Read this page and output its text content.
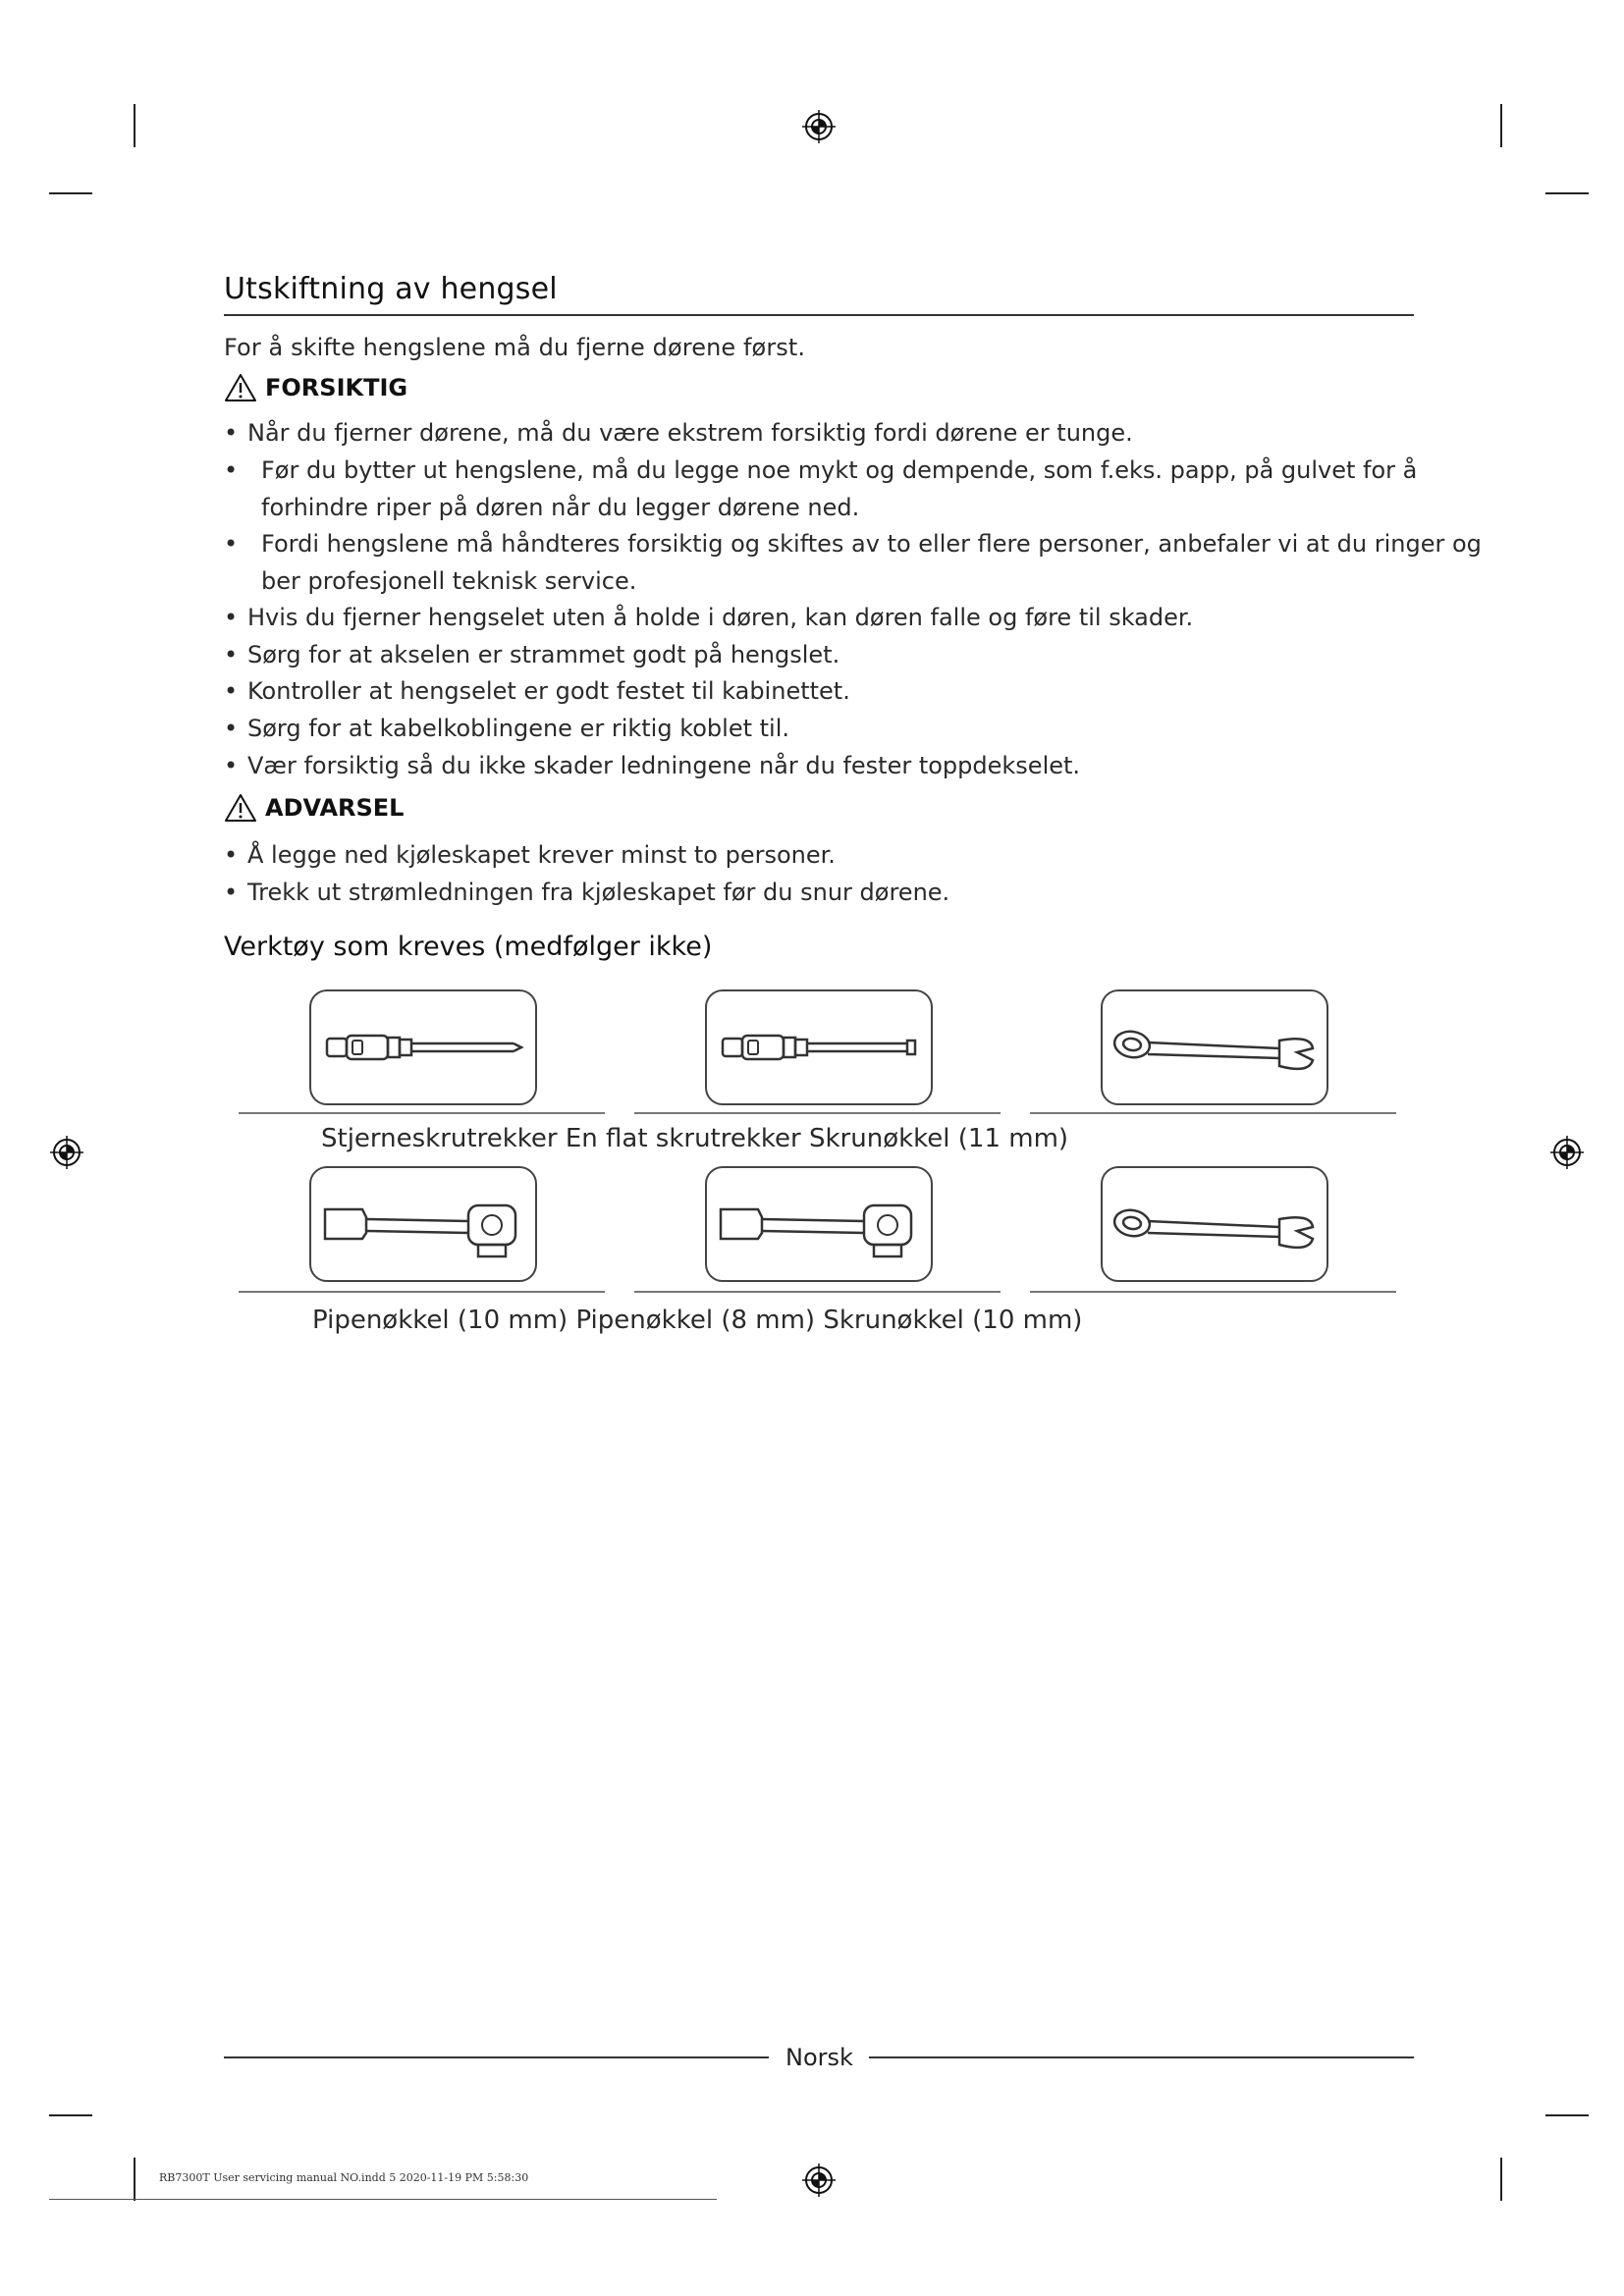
Utskiftning av hengsel
For å skifte hengslene må du fjerne dørene først.
FORSIKTIG
• Når du fjerner dørene, må du være ekstrem forsiktig fordi dørene er tunge.
• Før du bytter ut hengslene, må du legge noe mykt og dempende, som f.eks. papp, på gulvet for å
forhindre riper på døren når du legger dørene ned.
• Fordi hengslene må håndteres forsiktig og skiftes av to eller flere personer, anbefaler vi at du ringer og
ber profesjonell teknisk service.
• Hvis du fjerner hengselet uten å holde i døren, kan døren falle og føre til skader.
• Sørg for at akselen er strammet godt på hengslet.
• Kontroller at hengselet er godt festet til kabinettet.
• Sørg for at kabelkoblingene er riktig koblet til.
• Vær forsiktig så du ikke skader ledningene når du fester toppdekselet.
ADVARSEL
• Å legge ned kjøleskapet krever minst to personer.
• Trekk ut strømledningen fra kjøleskapet før du snur dørene.
Verktøy som kreves (medfølger ikke)
Stjerneskrutrekker En flat skrutrekker Skrunøkkel (11 mm)
Pipenøkkel (10 mm) Pipenøkkel (8 mm) Skrunøkkel (10 mm)
Norsk
RB7300T User servicing manual NO.indd 5 2020-11-19 PM 5:58:30
